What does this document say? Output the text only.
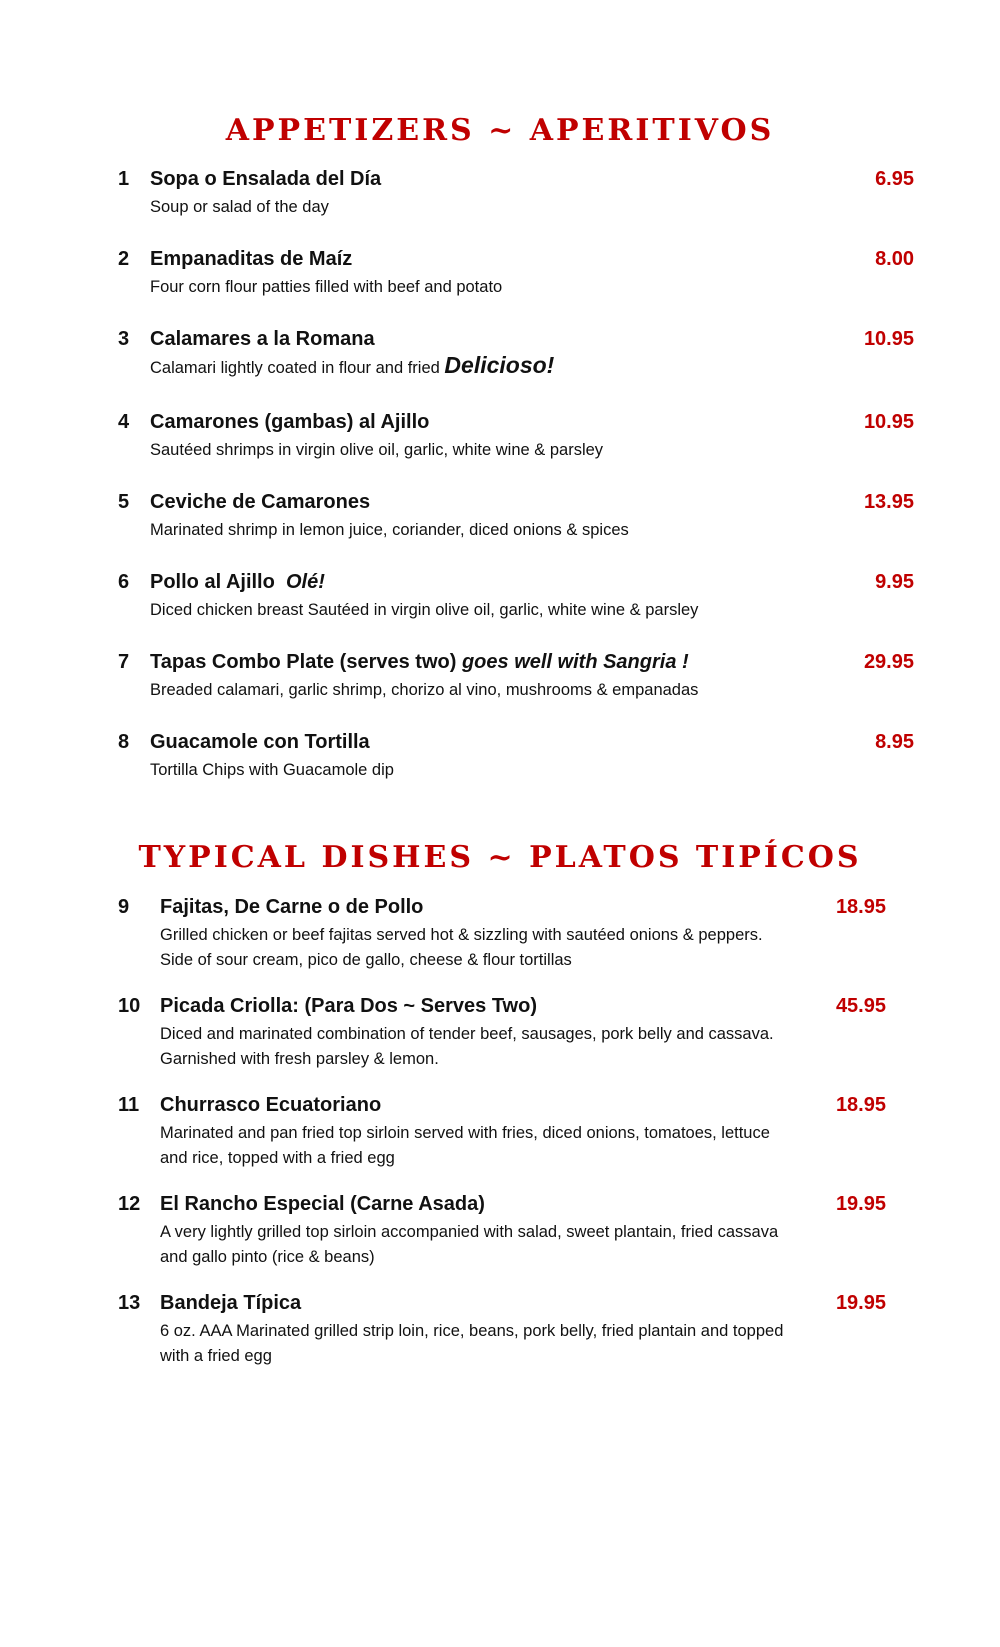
APPETIZERS ~ APERITIVOS
1 Sopa o Ensalada del Día	6.95
Soup or salad of the day
2 Empanaditas de Maíz	8.00
Four corn flour patties filled with beef and potato
3 Calamares a la Romana	10.95
Calamari lightly coated in flour and fried Delicioso!
4 Camarones (gambas) al Ajillo	10.95
Sautéed shrimps in virgin olive oil, garlic, white wine & parsley
5 Ceviche de Camarones	13.95
Marinated shrimp in lemon juice, coriander, diced onions & spices
6 Pollo al Ajillo Olé!	9.95
Diced chicken breast Sautéed in virgin olive oil, garlic, white wine & parsley
7 Tapas Combo Plate (serves two) goes well with Sangria !	29.95
Breaded calamari, garlic shrimp, chorizo al vino, mushrooms & empanadas
8 Guacamole con Tortilla	8.95
Tortilla Chips with Guacamole dip
TYPICAL DISHES ~ PLATOS TIPÍCOS
9 Fajitas, De Carne o de Pollo	18.95
Grilled chicken or beef fajitas served hot & sizzling with sautéed onions & peppers. Side of sour cream, pico de gallo, cheese & flour tortillas
10 Picada Criolla: (Para Dos ~ Serves Two)	45.95
Diced and marinated combination of tender beef, sausages, pork belly and cassava. Garnished with fresh parsley & lemon.
11 Churrasco Ecuatoriano	18.95
Marinated and pan fried top sirloin served with fries, diced onions, tomatoes, lettuce and rice, topped with a fried egg
12 El Rancho Especial (Carne Asada)	19.95
A very lightly grilled top sirloin accompanied with salad, sweet plantain, fried cassava and gallo pinto (rice & beans)
13 Bandeja Típica	19.95
6 oz. AAA Marinated grilled strip loin, rice, beans, pork belly, fried plantain and topped with a fried egg
